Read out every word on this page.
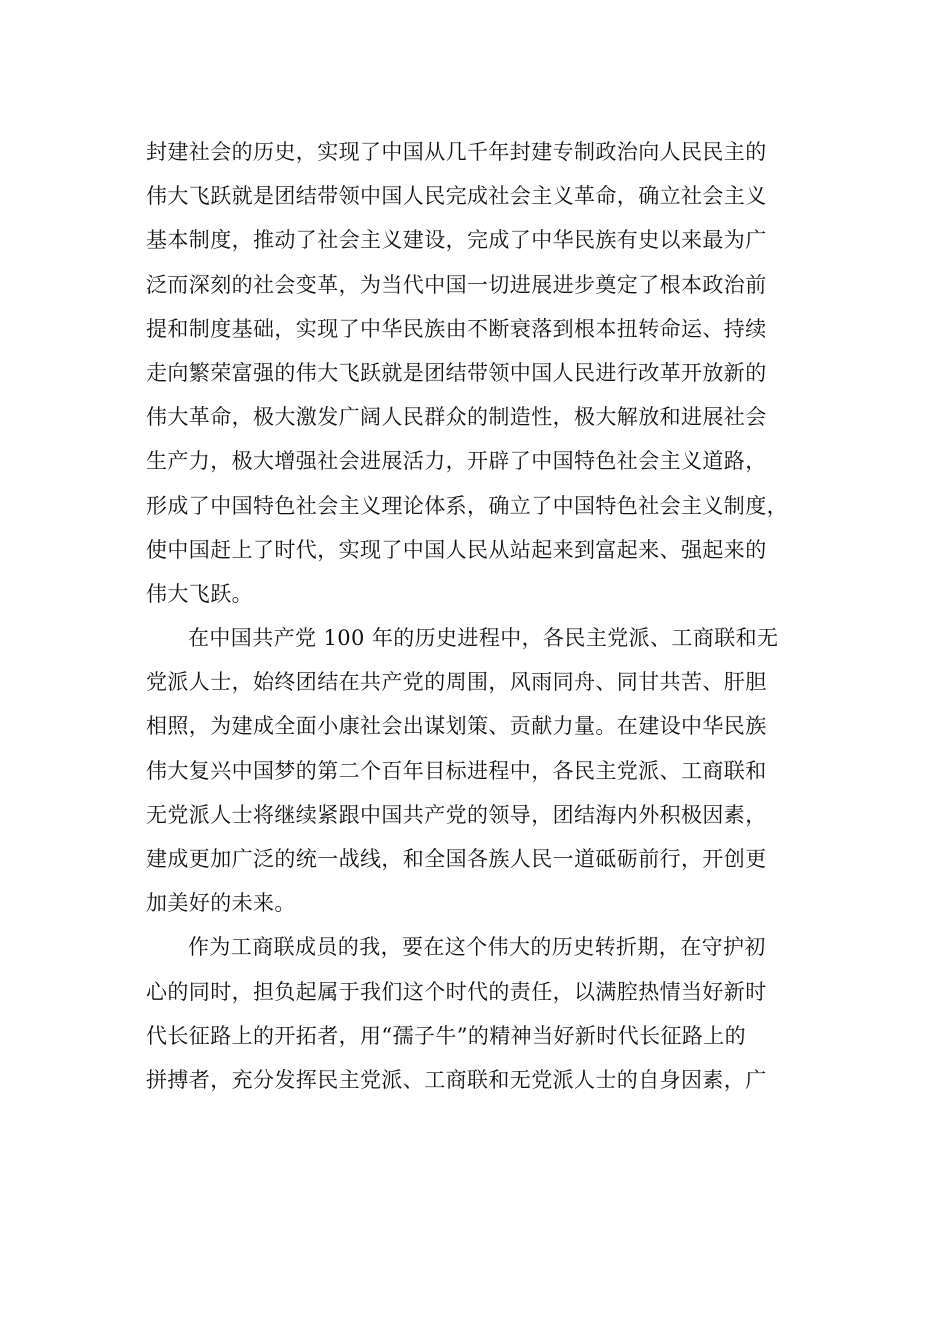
封建社会的历史，实现了中国从几千年封建专制政治向人民民主的
伟大飞跃就是团结带领中国人民完成社会主义革命，确立社会主义
基本制度，推动了社会主义建设，完成了中华民族有史以来最为广
泛而深刻的社会变革，为当代中国一切进展进步奠定了根本政治前
提和制度基础，实现了中华民族由不断衰落到根本扭转命运、持续
走向繁荣富强的伟大飞跃就是团结带领中国人民进行改革开放新的
伟大革命，极大激发广阔人民群众的制造性，极大解放和进展社会
生产力，极大增强社会进展活力，开辟了中国特色社会主义道路，
形成了中国特色社会主义理论体系，确立了中国特色社会主义制度，
使中国赶上了时代，实现了中国人民从站起来到富起来、强起来的
伟大飞跃。
在中国共产党 100 年的历史进程中，各民主党派、工商联和无
党派人士，始终团结在共产党的周围，风雨同舟、同甘共苦、肝胆
相照，为建成全面小康社会出谋划策、贡献力量。在建设中华民族
伟大复兴中国梦的第二个百年目标进程中，各民主党派、工商联和
无党派人士将继续紧跟中国共产党的领导，团结海内外积极因素，
建成更加广泛的统一战线，和全国各族人民一道砥砺前行，开创更
加美好的未来。
作为工商联成员的我，要在这个伟大的历史转折期，在守护初
心的同时，担负起属于我们这个时代的责任，以满腔热情当好新时
代长征路上的开拓者，用“孺子牛”的精神当好新时代长征路上的
拼搏者，充分发挥民主党派、工商联和无党派人士的自身因素，广
